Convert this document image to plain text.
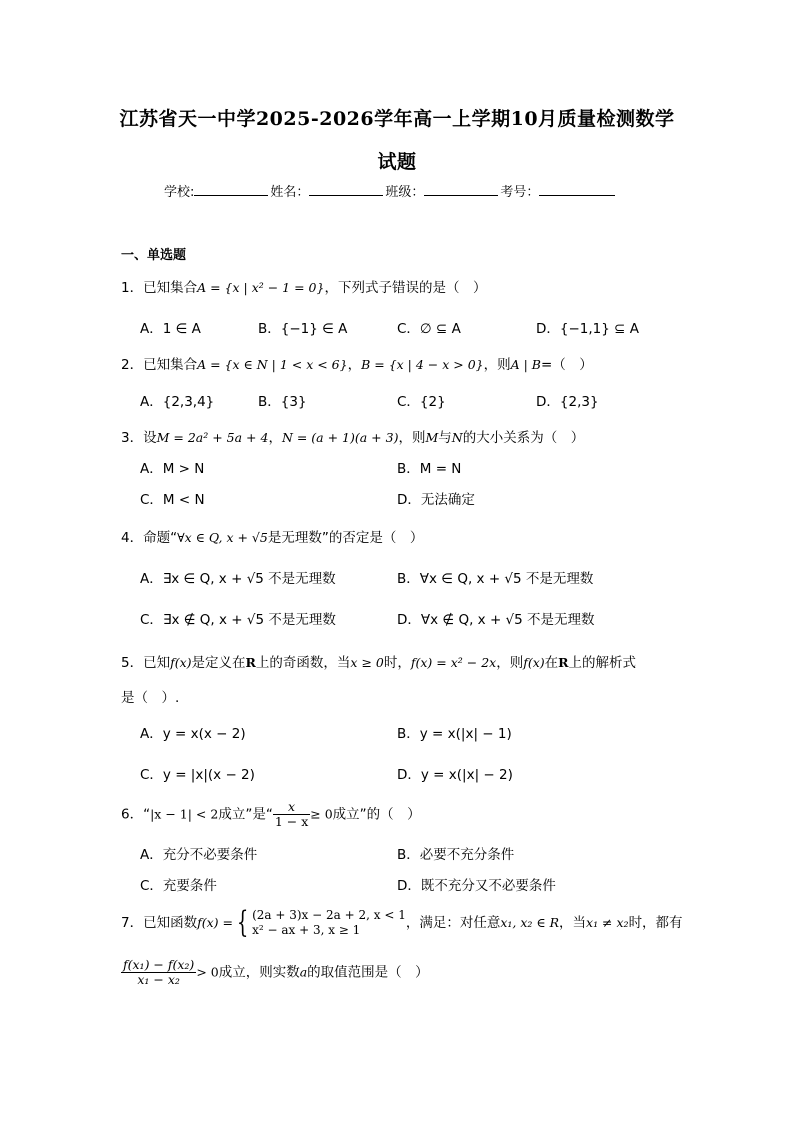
江苏省天一中学2025-2026学年高一上学期10月质量检测数学
试题
学校:	姓名：	班级：	考号：
一、单选题
1．已知集合A = {x | x² − 1 = 0}，下列式子错误的是（　）
A．1 ∈ A	B．{−1} ∈ A	C．∅ ⊆ A	D．{−1,1} ⊆ A
2．已知集合A = {x ∈ N | 1 < x < 6}，B = {x | 4 − x > 0}，则A | B=（　）
A．{2,3,4}	B．{3}	C．{2}	D．{2,3}
3．设M = 2a² + 5a + 4，N = (a + 1)(a + 3)，则M与N的大小关系为（　）
A．M > N	B．M = N
C．M < N	D．无法确定
4．命题“∀x ∈ Q, x + √5是无理数”的否定是（　）
A．∃x ∈ Q, x + √5 不是无理数	B．∀x ∈ Q, x + √5 不是无理数
C．∃x ∉ Q, x + √5 不是无理数	D．∀x ∉ Q, x + √5 不是无理数
5．已知f(x)是定义在R上的奇函数，当x ≥ 0时，f(x) = x² − 2x，则f(x)在R上的解析式
是（　）.
A．y = x(x − 2)	B．y = x(|x| − 1)
C．y = |x|(x − 2)	D．y = x(|x| − 2)
6．“|x − 1| < 2成立”是“ $\frac{x}{1 - x} \ge 0$成立”的（　）
A．充分不必要条件	B．必要不充分条件
C．充要条件	D．既不充分又不必要条件
7．已知函数f(x) = { (2a + 3)x − 2a + 2, x < 1
x² − ax + 3, x ≥ 1	，满足：对任意x₁, x₂ ∈ R，当x₁ ≠ x₂时，都有
$\frac{\text{f(x₁) − f(x₂)}}{\text{x₁ − x₂}} > 0$成立，则实数a的取值范围是（　）
